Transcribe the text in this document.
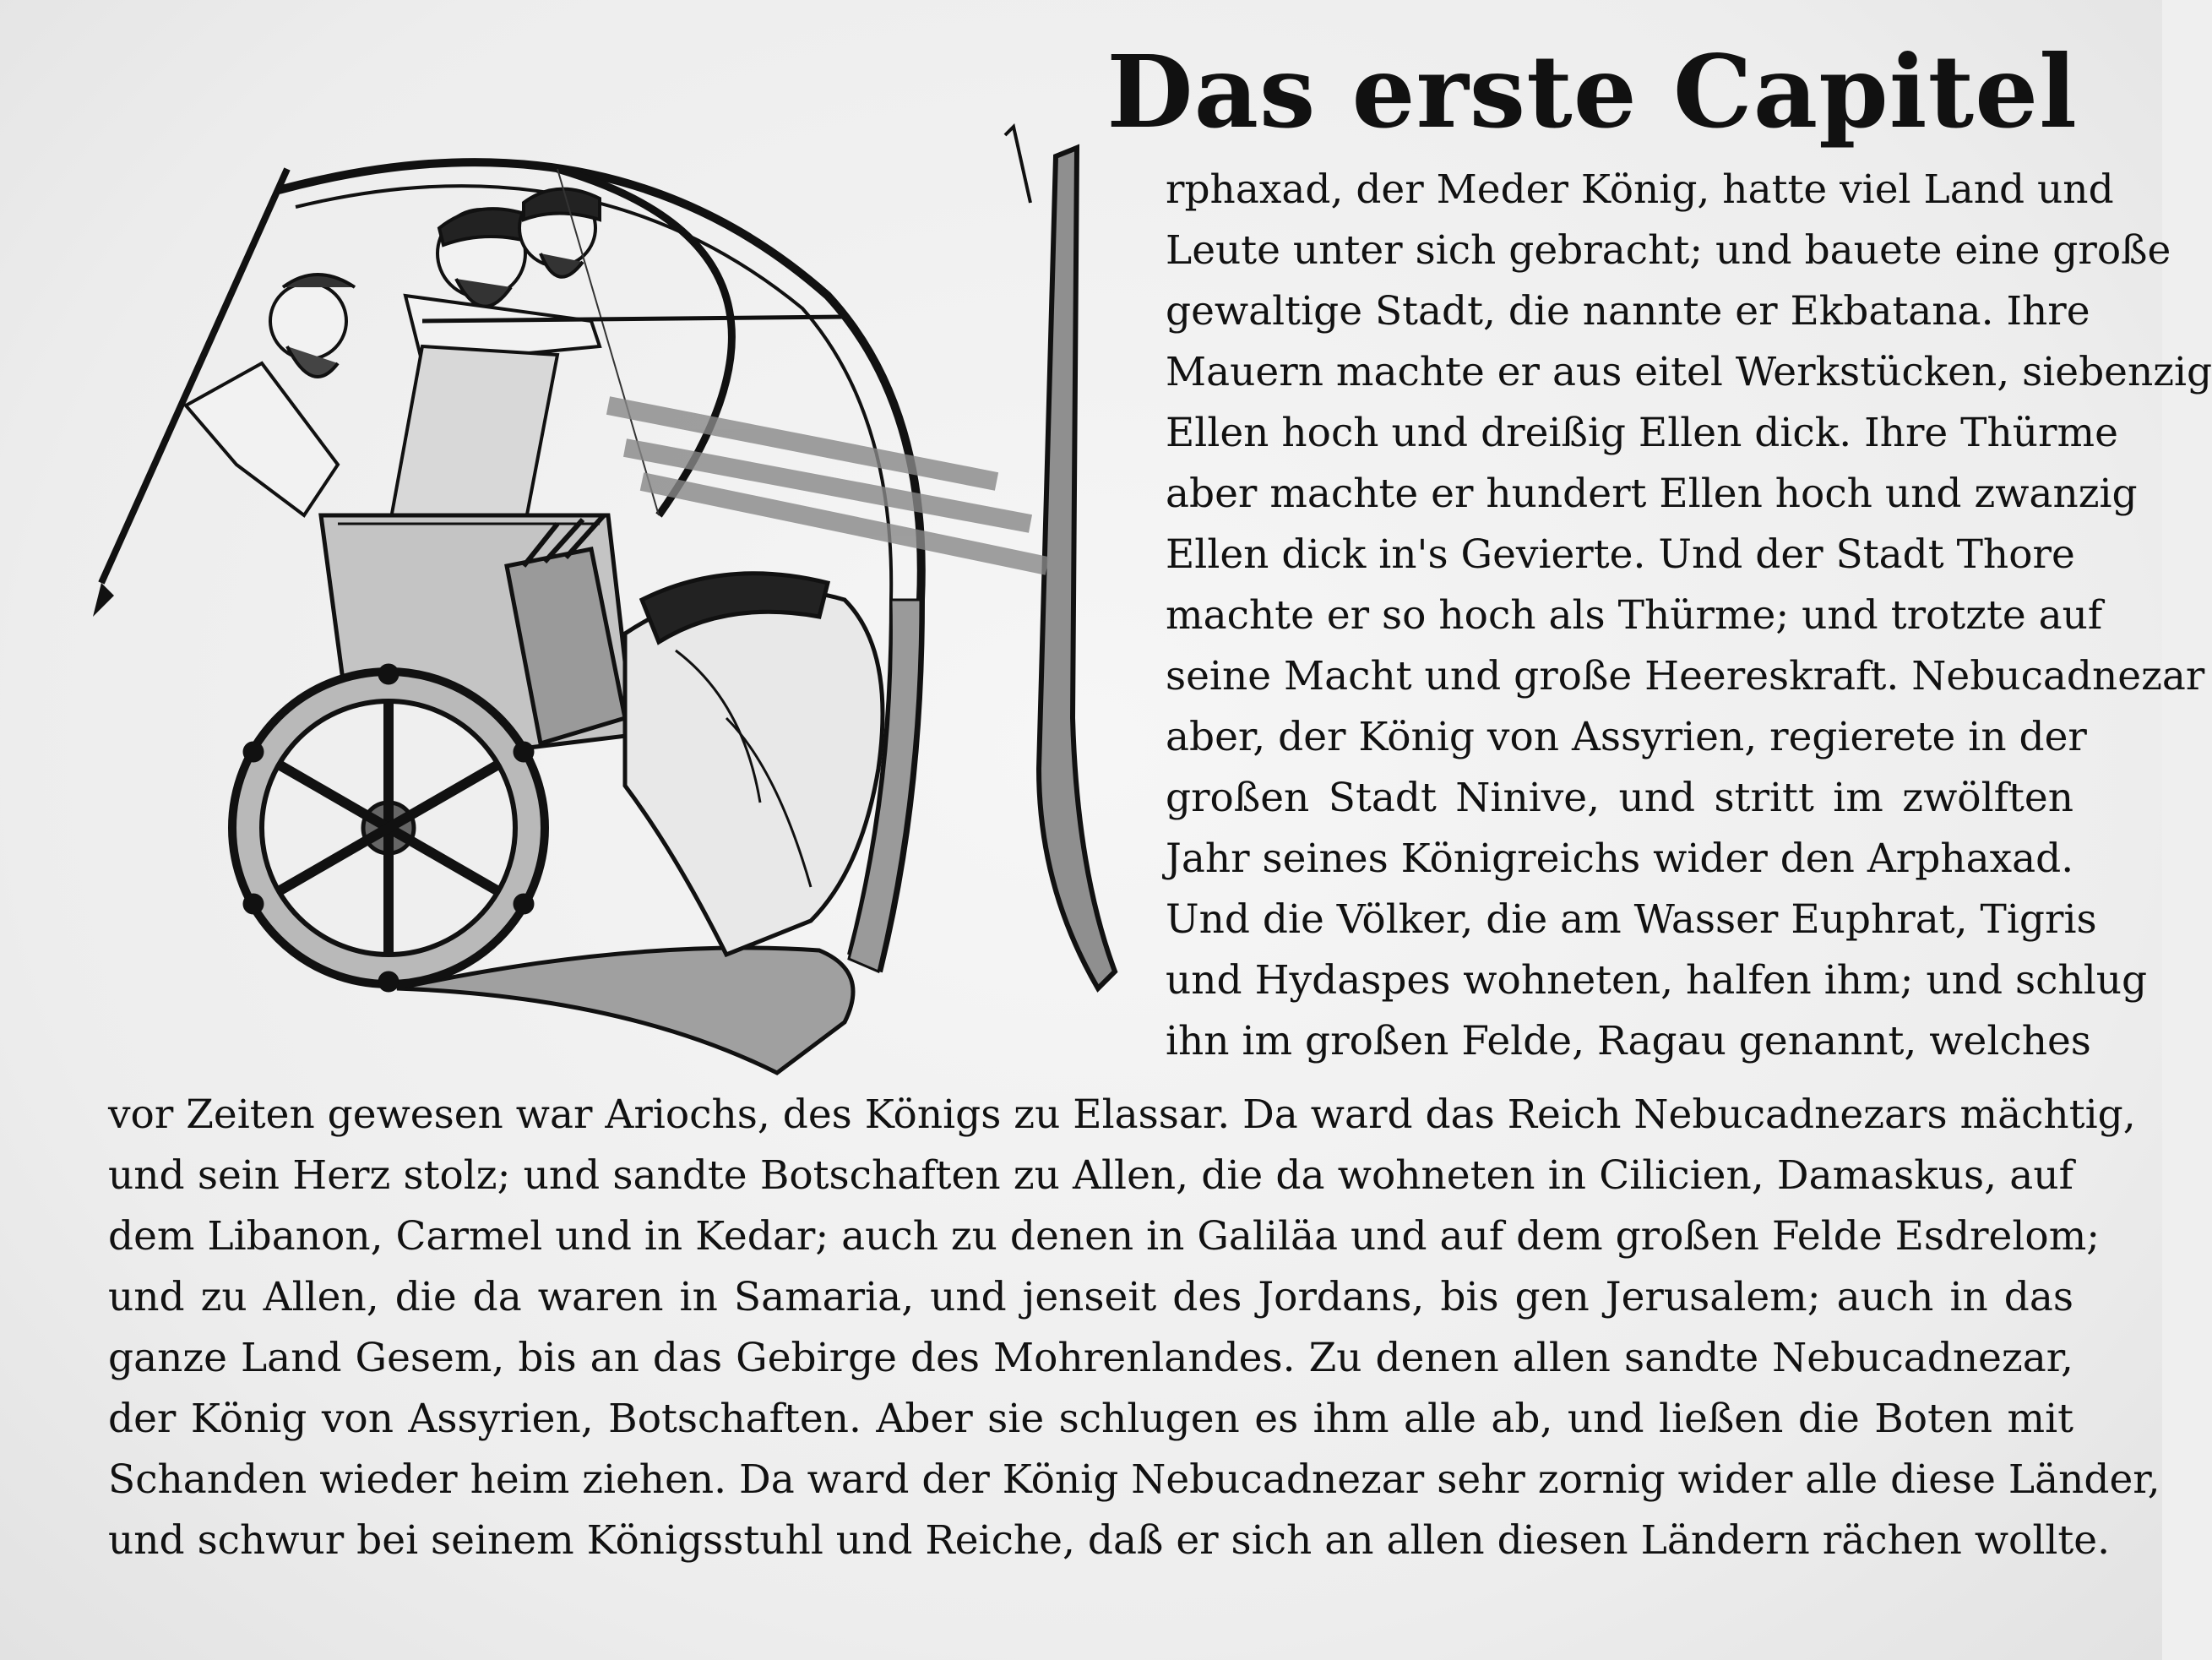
Das erste Capitel
rphaxad, der Meder König, hatte viel Land und
Leute unter sich gebracht; und bauete eine große
gewaltige Stadt, die nannte er Ekbatana. Ihre
Mauern machte er aus eitel Werkstücken, siebenzig
Ellen hoch und dreißig Ellen dick. Ihre Thürme
aber machte er hundert Ellen hoch und zwanzig
Ellen dick in's Gevierte. Und der Stadt Thore
machte er so hoch als Thürme; und trotzte auf
seine Macht und große Heereskraft. Nebucadnezar
aber, der König von Assyrien, regierete in der
großen Stadt Ninive, und stritt im zwölften
Jahr seines Königreichs wider den Arphaxad.
Und die Völker, die am Wasser Euphrat, Tigris
und Hydaspes wohneten, halfen ihm; und schlug
ihn im großen Felde, Ragau genannt, welches
vor Zeiten gewesen war Ariochs, des Königs zu Elassar. Da ward das Reich Nebucadnezars mächtig,
und sein Herz stolz; und sandte Botschaften zu Allen, die da wohneten in Cilicien, Damaskus, auf
dem Libanon, Carmel und in Kedar; auch zu denen in Galiläa und auf dem großen Felde Esdrelom;
und zu Allen, die da waren in Samaria, und jenseit des Jordans, bis gen Jerusalem; auch in das
ganze Land Gesem, bis an das Gebirge des Mohrenlandes. Zu denen allen sandte Nebucadnezar,
der König von Assyrien, Botschaften. Aber sie schlugen es ihm alle ab, und ließen die Boten mit
Schanden wieder heim ziehen. Da ward der König Nebucadnezar sehr zornig wider alle diese Länder,
und schwur bei seinem Königsstuhl und Reiche, daß er sich an allen diesen Ländern rächen wollte.
